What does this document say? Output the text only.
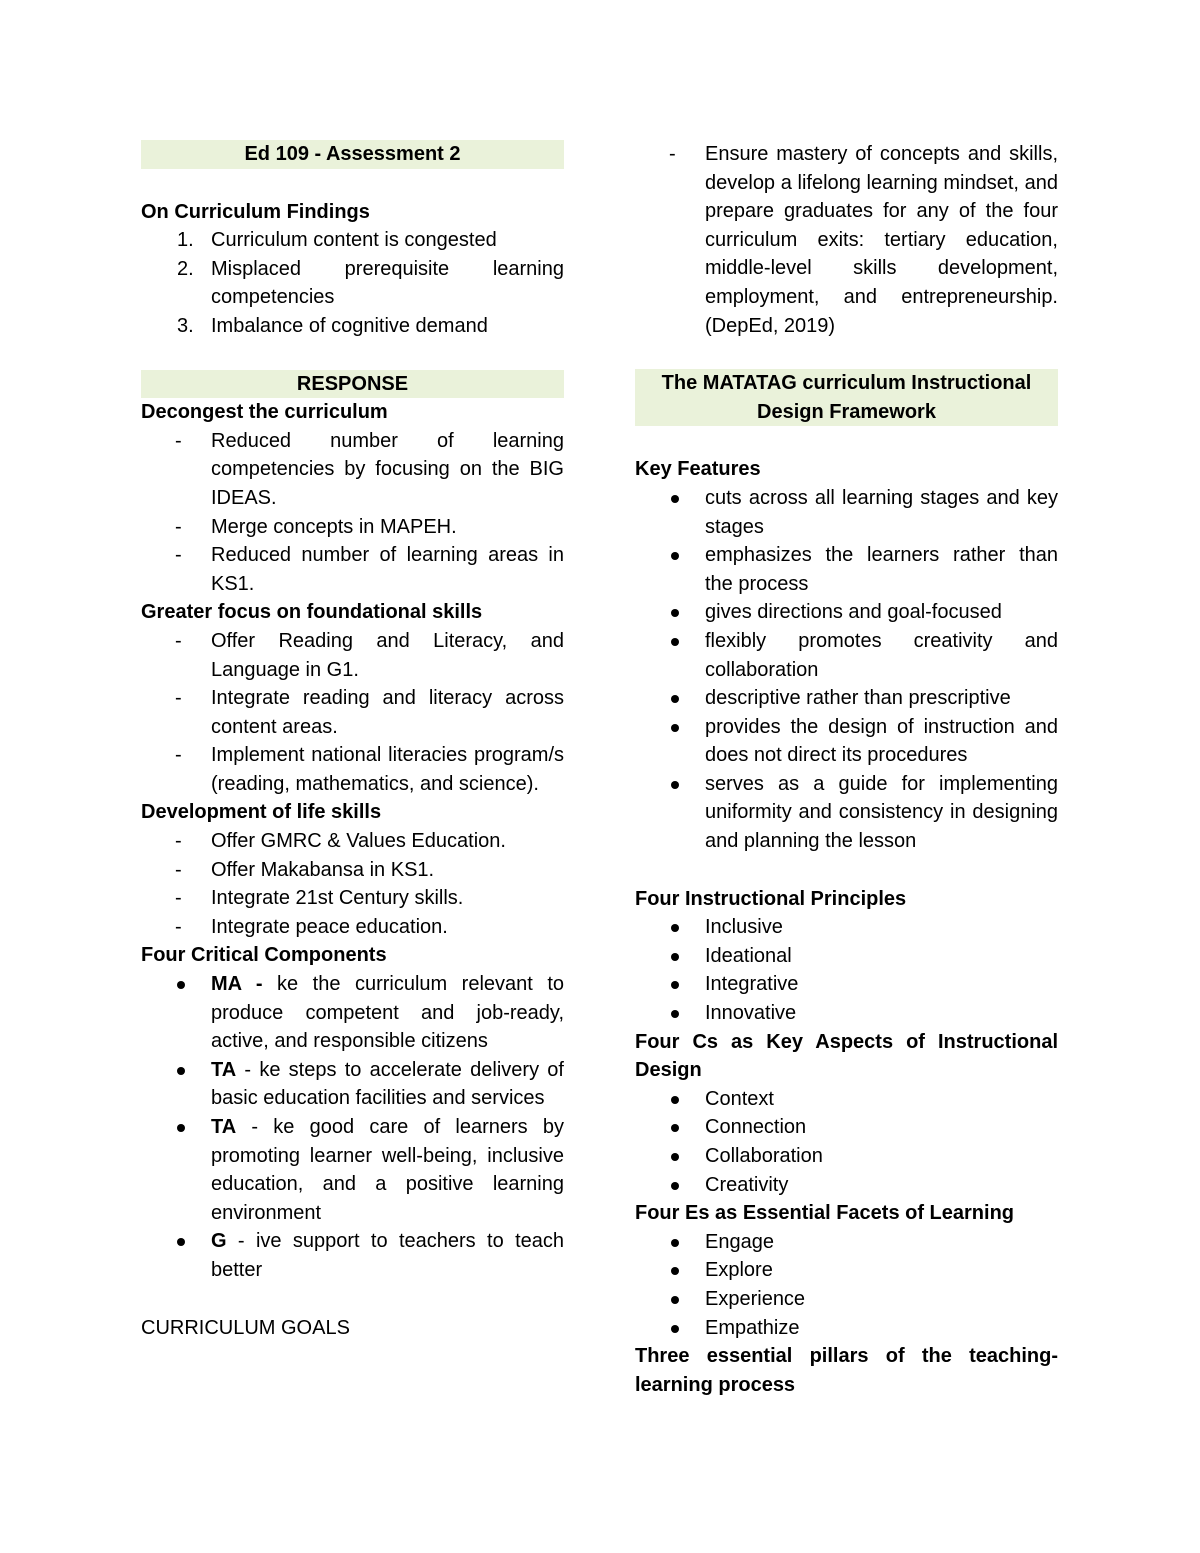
Ed 109 - Assessment 2
On Curriculum Findings
1. Curriculum content is congested
2. Misplaced prerequisite learning competencies
3. Imbalance of cognitive demand
RESPONSE
Decongest the curriculum
- Reduced number of learning competencies by focusing on the BIG IDEAS.
- Merge concepts in MAPEH.
- Reduced number of learning areas in KS1.
Greater focus on foundational skills
- Offer Reading and Literacy, and Language in G1.
- Integrate reading and literacy across content areas.
- Implement national literacies program/s (reading, mathematics, and science).
Development of life skills
- Offer GMRC & Values Education.
- Offer Makabansa in KS1.
- Integrate 21st Century skills.
- Integrate peace education.
Four Critical Components
MA - ke the curriculum relevant to produce competent and job-ready, active, and responsible citizens
TA - ke steps to accelerate delivery of basic education facilities and services
TA - ke good care of learners by promoting learner well-being, inclusive education, and a positive learning environment
G - ive support to teachers to teach better
CURRICULUM GOALS
- Ensure mastery of concepts and skills, develop a lifelong learning mindset, and prepare graduates for any of the four curriculum exits: tertiary education, middle-level skills development, employment, and entrepreneurship. (DepEd, 2019)
The MATATAG curriculum Instructional Design Framework
Key Features
cuts across all learning stages and key stages
emphasizes the learners rather than the process
gives directions and goal-focused
flexibly promotes creativity and collaboration
descriptive rather than prescriptive
provides the design of instruction and does not direct its procedures
serves as a guide for implementing uniformity and consistency in designing and planning the lesson
Four Instructional Principles
Inclusive
Ideational
Integrative
Innovative
Four Cs as Key Aspects of Instructional Design
Context
Connection
Collaboration
Creativity
Four Es as Essential Facets of Learning
Engage
Explore
Experience
Empathize
Three essential pillars of the teaching-learning process
